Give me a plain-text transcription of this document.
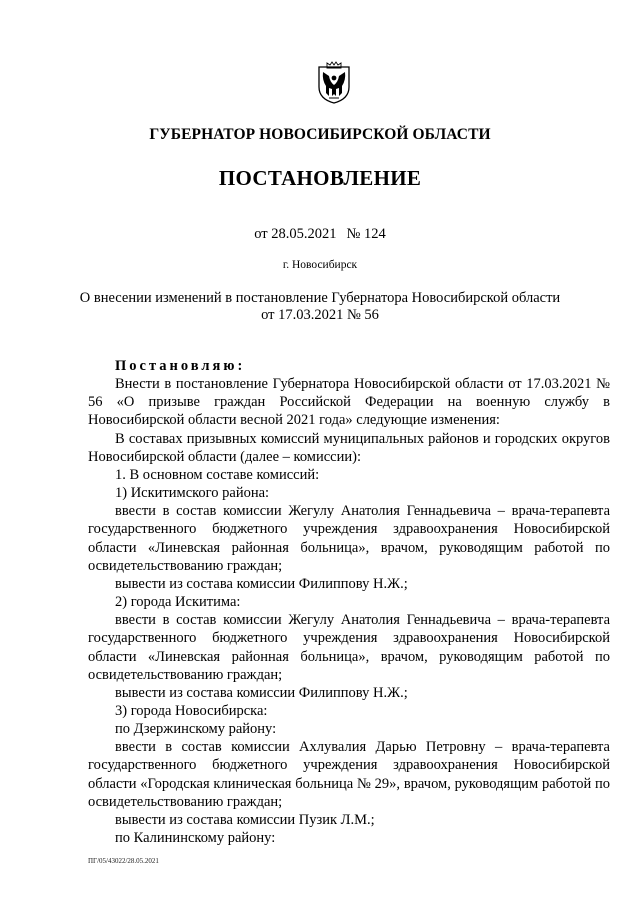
ГУБЕРНАТОР НОВОСИБИРСКОЙ ОБЛАСТИ
ПОСТАНОВЛЕНИЕ
от 28.05.2021 № 124
г. Новосибирск
О внесении изменений в постановление Губернатора Новосибирской области
от 17.03.2021 № 56

Постановляю:

Внести в постановление Губернатора Новосибирской области от 17.03.2021 № 56 «О призыве граждан Российской Федерации на военную службу в Новосибирской области весной 2021 года» следующие изменения:

В составах призывных комиссий муниципальных районов и городских округов Новосибирской области (далее – комиссии):

1. В основном составе комиссий:

1) Искитимского района:

ввести в состав комиссии Жегулу Анатолия Геннадьевича – врача-терапевта государственного бюджетного учреждения здравоохранения Новосибирской области «Линевская районная больница», врачом, руководящим работой по освидетельствованию граждан;

вывести из состава комиссии Филиппову Н.Ж.;

2) города Искитима:

ввести в состав комиссии Жегулу Анатолия Геннадьевича – врача-терапевта государственного бюджетного учреждения здравоохранения Новосибирской области «Линевская районная больница», врачом, руководящим работой по освидетельствованию граждан;

вывести из состава комиссии Филиппову Н.Ж.;

3) города Новосибирска:

по Дзержинскому району:

ввести в состав комиссии Ахлувалия Дарью Петровну – врача-терапевта государственного бюджетного учреждения здравоохранения Новосибирской области «Городская клиническая больница № 29», врачом, руководящим работой по освидетельствованию граждан;

вывести из состава комиссии Пузик Л.М.;

по Калининскому району:

ПГ/05/43022/28.05.2021
